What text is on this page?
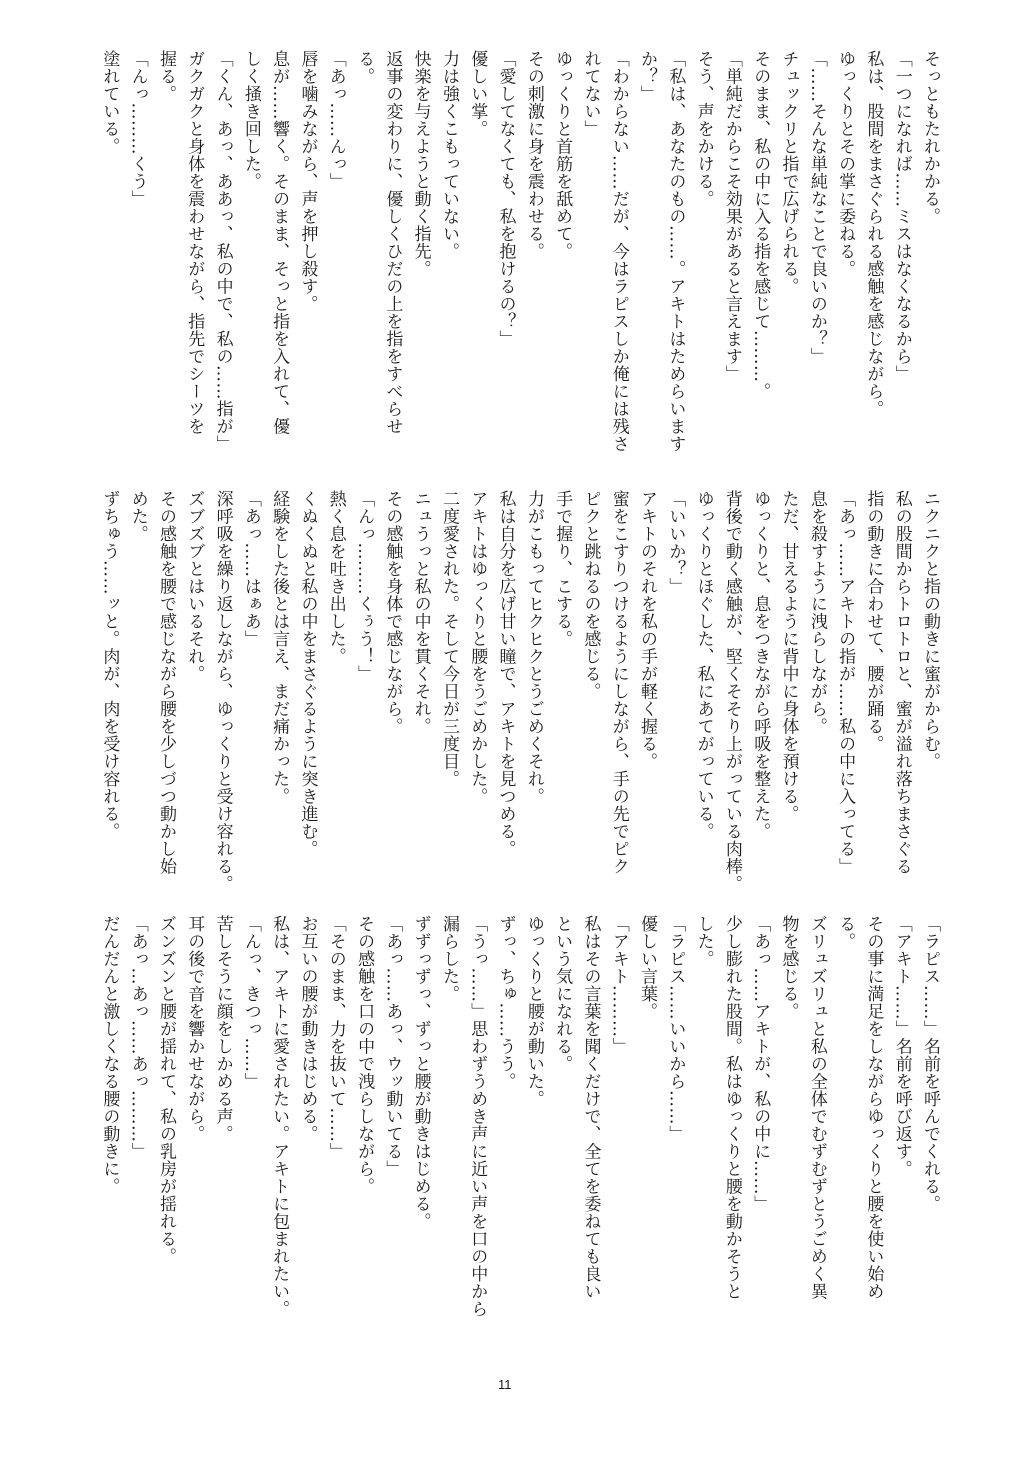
そっともたれかかる。
「一つになれば……ミスはなくなるから」
私は、股間をまさぐられる感触を感じながら。
ゆっくりとその掌に委ねる。
「……そんな単純なことで良いのか？」
チュックリと指で広げられる。
そのまま、私の中に入る指を感じて………。
「単純だからこそ効果があると言えます」
そう、声をかける。
「私は、あなたのもの……。アキトはためらいます
か？」
「わからない……だが、今はラピスしか俺には残さ
れてない」
ゆっくりと首筋を舐めて。
その刺激に身を震わせる。
「愛してなくても、私を抱けるの？」
優しい掌。
力は強くこもっていない。
快楽を与えようと動く指先。
返事の変わりに、優しくひだの上を指をすべらせ
る。
「あっ……んっ」
唇を噛みながら、声を押し殺す。
息が……響く。そのまま、そっと指を入れて、優
しく掻き回した。
「くん、あっ、ああっ、私の中で、私の……指が」
ガクガクと身体を震わせながら、指先でシーツを
握る。
「んっ………くう」
塗れている。
ニクニクと指の動きに蜜がからむ。
私の股間からトロトロと、蜜が溢れ落ちまさぐる
指の動きに合わせて、腰が踊る。
「あっ……アキトの指が……私の中に入ってる」
息を殺すように洩らしながら。
ただ、甘えるように背中に身体を預ける。
ゆっくりと、息をつきながら呼吸を整えた。
背後で動く感触が、堅くそそり上がっている肉棒。
ゆっくりとほぐした、私にあてがっている。
「いいか？」
アキトのそれを私の手が軽く握る。
蜜をこすりつけるようにしながら、手の先でピク
ピクと跳ねるのを感じる。
手で握り、こする。
力がこもってヒクヒクとうごめくそれ。
私は自分を広げ甘い瞳で、アキトを見つめる。
アキトはゆっくりと腰をうごめかした。
二度愛された。そして今日が三度目。
ニュうっと私の中を貫くそれ。
その感触を身体で感じながら。
「んっ………くぅう！」
熱く息を吐き出した。
くぬくぬと私の中をまさぐるように突き進む。
経験をした後とは言え、まだ痛かった。
「あっ……はぁあ」
深呼吸を繰り返しながら、ゆっくりと受け容れる。
ズブズブとはいるそれ。
その感触を腰で感じながら腰を少しづつ動かし始
めた。
ずちゅう……ッと。肉が、肉を受け容れる。
「ラピス……」名前を呼んでくれる。
「アキト……」名前を呼び返す。
その事に満足をしながらゆっくりと腰を使い始め
る。
ズリュズリュと私の全体でむずむずとうごめく異
物を感じる。
「あっ……アキトが、私の中に……」
少し膨れた股間。私はゆっくりと腰を動かそうと
した。
「ラピス……いいから……」
優しい言葉。
「アキト………」
私はその言葉を聞くだけで、全てを委ねても良い
という気になれる。
ゆっくりと腰が動いた。
ずっ、ちゅ……うう。
「うっ……」思わずうめき声に近い声を口の中から
漏らした。
ずずっずっ、ずっと腰が動きはじめる。
「あっ……あっ、ウッ動いてる」
その感触を口の中で洩らしながら。
「そのまま、力を抜いて……」
お互いの腰が動きはじめる。
私は、アキトに愛されたい。アキトに包まれたい。
「んっ、きつっ……」
苦しそうに顔をしかめる声。
耳の後で音を響かせながら。
ズンズンと腰が揺れて、私の乳房が揺れる。
「あっ…あっ……あっ………」
だんだんと激しくなる腰の動きに。
11
